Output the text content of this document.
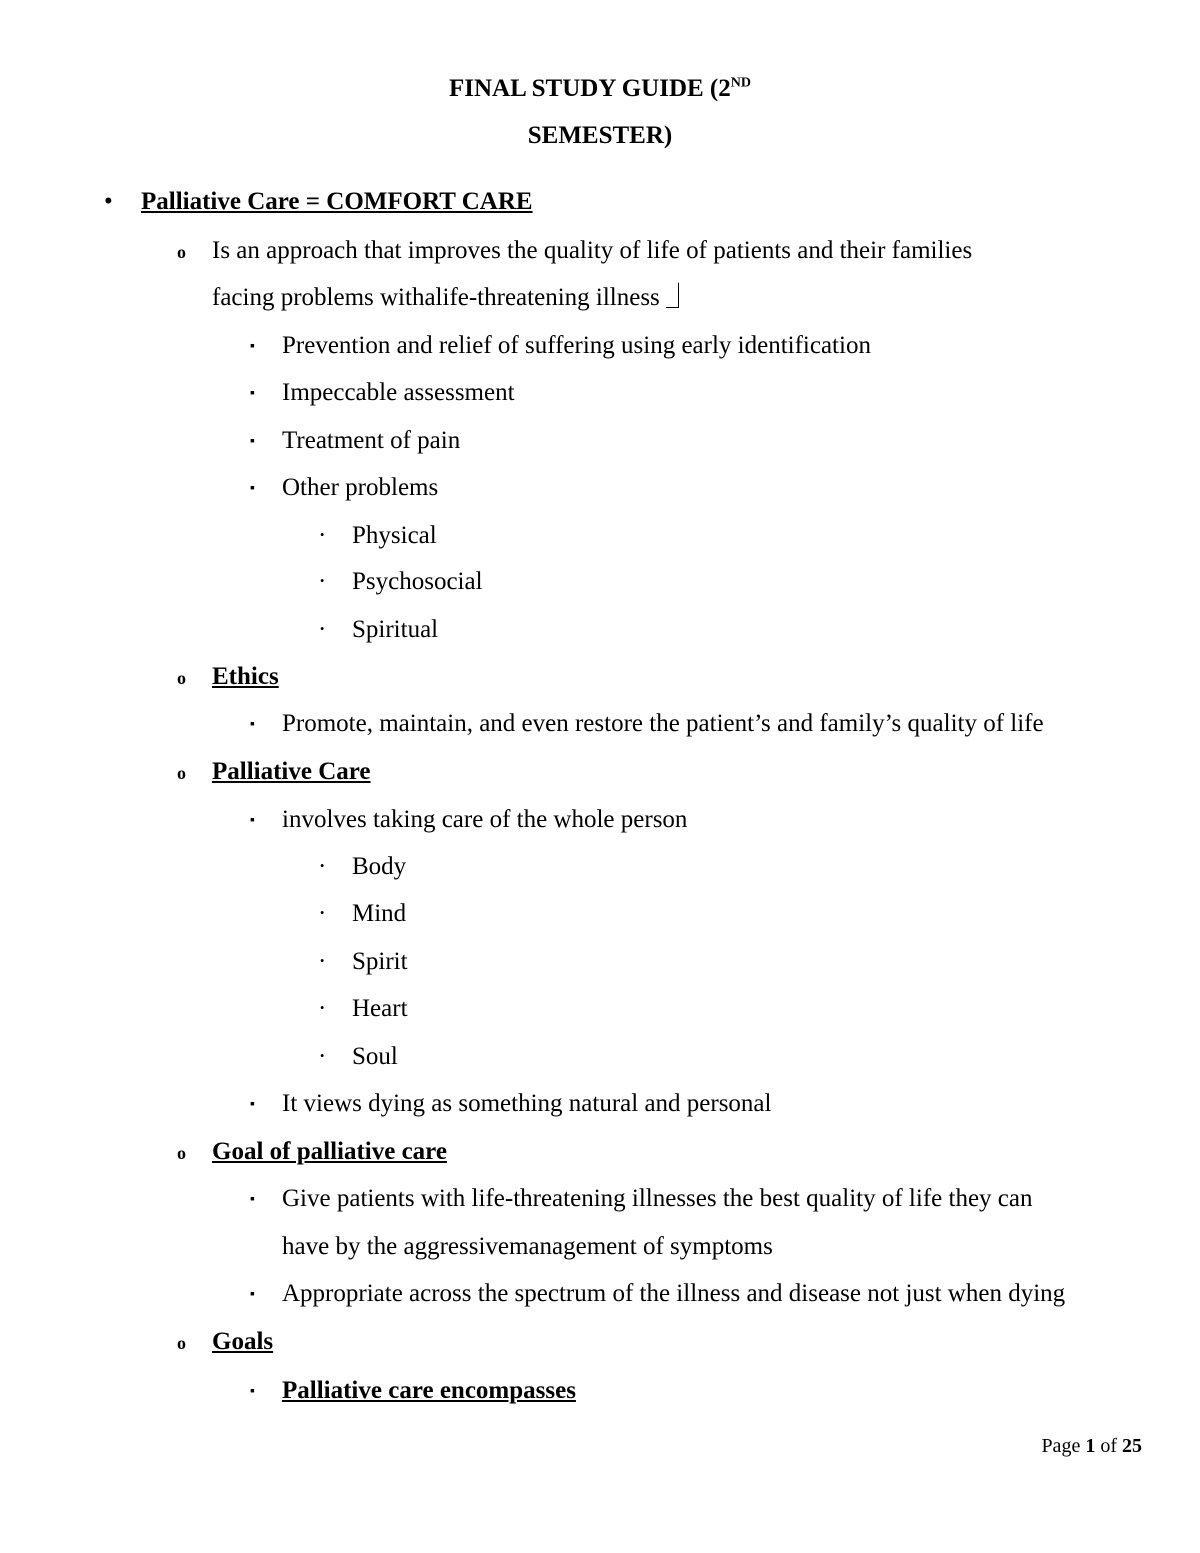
FINAL STUDY GUIDE (2ND
SEMESTER)
• Palliative Care = COMFORT CARE
o Is an approach that improves the quality of life of patients and their families
facing problems withalife-threatening illness ⏌
▪ Prevention and relief of suffering using early identification
▪ Impeccable assessment
▪ Treatment of pain
▪ Other problems
· Physical
· Psychosocial
· Spiritual
o Ethics
▪ Promote, maintain, and even restore the patient’s and family’s quality of life
o Palliative Care
▪ involves taking care of the whole person
· Body
· Mind
· Spirit
· Heart
· Soul
▪ It views dying as something natural and personal
o Goal of palliative care
▪ Give patients with life-threatening illnesses the best quality of life they can
have by the aggressivemanagement of symptoms
▪ Appropriate across the spectrum of the illness and disease not just when dying
o Goals
▪ Palliative care encompasses
Page 1 of 25
